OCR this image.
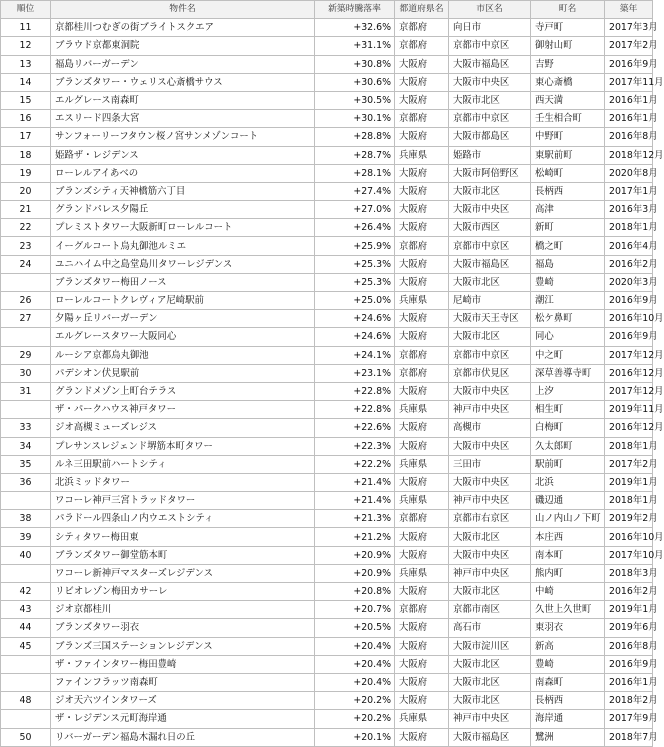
順位	物件名	新築時騰落率	都道府県名	市区名	町名	築年
11	京都桂川つむぎの街ブライトスクエア	+32.6%	京都府	向日市	寺戸町	2017年3月
12	ブラウド京都東洞院	+31.1%	京都府	京都市中京区	御射山町	2017年2月
13	福島リバーガーデン	+30.8%	大阪府	大阪市福島区	吉野	2016年9月
14	ブランズタワー・ウェリス心斎橋サウス	+30.6%	大阪府	大阪市中央区	東心斎橋	2017年11月
15	エルグレース南森町	+30.5%	大阪府	大阪市北区	西天満	2016年1月
16	エスリード四条大宮	+30.1%	京都府	京都市中京区	壬生相合町	2016年1月
17	サンフォーリーフタウン桜ノ宮サンメゾンコート	+28.8%	大阪府	大阪市都島区	中野町	2016年8月
18	姫路ザ・レジデンス	+28.7%	兵庫県	姫路市	東駅前町	2018年12月
19	ローレルアイあべの	+28.1%	大阪府	大阪市阿倍野区	松崎町	2020年8月
20	ブランズシティ天神橋筋六丁目	+27.4%	大阪府	大阪市北区	長柄西	2017年1月
21	グランドパレス夕陽丘	+27.0%	大阪府	大阪市中央区	高津	2016年3月
22	プレミストタワー大阪新町ローレルコート	+26.4%	大阪府	大阪市西区	新町	2018年1月
23	イーグルコート烏丸御池ルミエ	+25.9%	京都府	京都市中京区	橋之町	2016年4月
24	ユニハイム中之島堂島川タワーレジデンス	+25.3%	大阪府	大阪市福島区	福島	2016年2月
	ブランズタワー梅田ノース	+25.3%	大阪府	大阪市北区	豊崎	2020年3月
26	ローレルコートクレヴィア尼崎駅前	+25.0%	兵庫県	尼崎市	潮江	2016年9月
27	夕陽ヶ丘リバーガーデン	+24.6%	大阪府	大阪市天王寺区	松ケ鼻町	2016年10月
	エルグレースタワー大阪同心	+24.6%	大阪府	大阪市北区	同心	2016年9月
29	ルーシア京都烏丸御池	+24.1%	京都府	京都市中京区	中之町	2017年12月
30	パデシオン伏見駅前	+23.1%	京都府	京都市伏見区	深草善導寺町	2016年12月
31	グランドメゾン上町台テラス	+22.8%	大阪府	大阪市中央区	上汐	2017年12月
	ザ・パークハウス神戸タワー	+22.8%	兵庫県	神戸市中央区	相生町	2019年11月
33	ジオ高槻ミューズレジス	+22.6%	大阪府	高槻市	白梅町	2016年12月
34	プレサンスレジェンド堺筋本町タワー	+22.3%	大阪府	大阪市中央区	久太郎町	2018年1月
35	ルネ三田駅前ハートシティ	+22.2%	兵庫県	三田市	駅前町	2017年2月
36	北浜ミッドタワー	+21.4%	大阪府	大阪市中央区	北浜	2019年1月
	ワコーレ神戸三宮トラッドタワー	+21.4%	兵庫県	神戸市中央区	磯辺通	2018年1月
38	パラドール四条山ノ内ウエストシティ	+21.3%	京都府	京都市右京区	山ノ内山ノ下町	2019年2月
39	シティタワー梅田東	+21.2%	大阪府	大阪市北区	本庄西	2016年10月
40	ブランズタワー御堂筋本町	+20.9%	大阪府	大阪市中央区	南本町	2017年10月
	ワコーレ新神戸マスターズレジデンス	+20.9%	兵庫県	神戸市中央区	熊内町	2018年3月
42	リビオレゾン梅田カサーレ	+20.8%	大阪府	大阪市北区	中崎	2016年2月
43	ジオ京都桂川	+20.7%	京都府	京都市南区	久世上久世町	2019年1月
44	ブランズタワー羽衣	+20.5%	大阪府	高石市	東羽衣	2019年6月
45	ブランズ三国ステーションレジデンス	+20.4%	大阪府	大阪市淀川区	新高	2016年8月
	ザ・ファインタワー梅田豊崎	+20.4%	大阪府	大阪市北区	豊崎	2016年9月
	ファインフラッツ南森町	+20.4%	大阪府	大阪市北区	南森町	2016年1月
48	ジオ天六ツインタワーズ	+20.2%	大阪府	大阪市北区	長柄西	2018年2月
	ザ・レジデンス元町海岸通	+20.2%	兵庫県	神戸市中央区	海岸通	2017年9月
50	リバーガーデン福島木漏れ日の丘	+20.1%	大阪府	大阪市福島区	鷺洲	2018年7月
